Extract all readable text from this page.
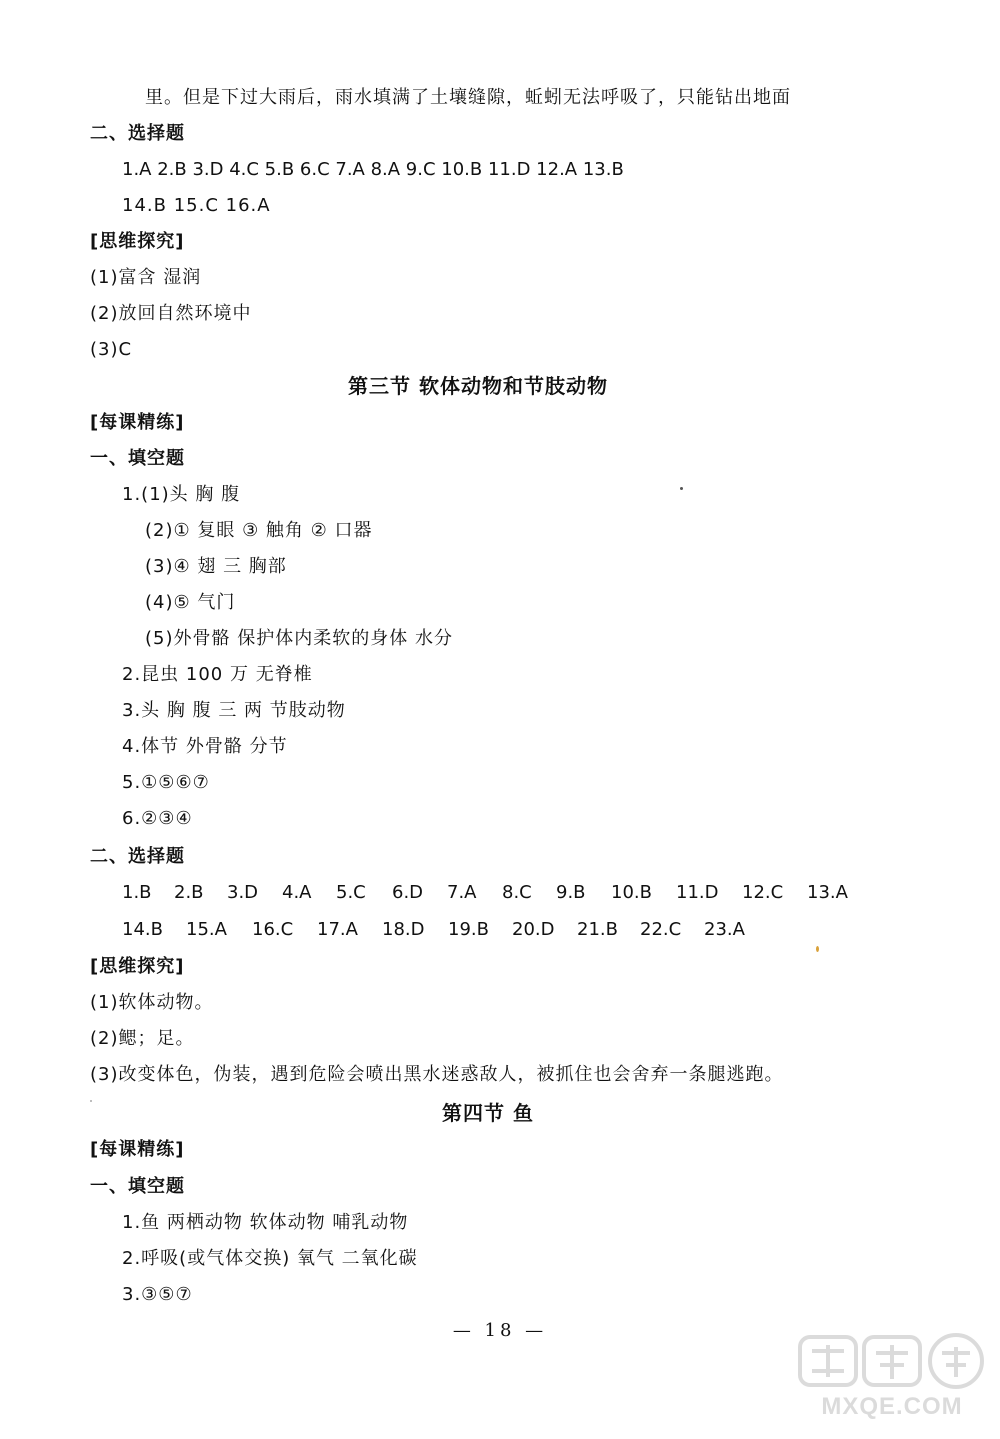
里。但是下过大雨后，雨水填满了土壤缝隙，蚯蚓无法呼吸了，只能钻出地面
二、选择题
1.A 2.B 3.D 4.C 5.B 6.C 7.A 8.A 9.C 10.B 11.D 12.A 13.B
14.B 15.C 16.A
[思维探究]
(1)富含 湿润
(2)放回自然环境中
(3)C
第三节 软体动物和节肢动物
[每课精练]
一、填空题
1.(1)头 胸 腹
(2)① 复眼 ③ 触角 ② 口器
(3)④ 翅 三 胸部
(4)⑤ 气门
(5)外骨骼 保护体内柔软的身体 水分
2.昆虫 100 万 无脊椎
3.头 胸 腹 三 两 节肢动物
4.体节 外骨骼 分节
5.①⑤⑥⑦
6.②③④
二、选择题
1.B 2.B 3.D 4.A 5.C 6.D 7.A 8.C 9.B 10.B 11.D 12.C 13.A
14.B 15.A 16.C 17.A 18.D 19.B 20.D 21.B 22.C 23.A
[思维探究]
(1)软体动物。
(2)鳃；足。
(3)改变体色，伪装，遇到危险会喷出黑水迷惑敌人，被抓住也会舍弃一条腿逃跑。
第四节 鱼
[每课精练]
一、填空题
1.鱼 两栖动物 软体动物 哺乳动物
2.呼吸(或气体交换) 氧气 二氧化碳
3.③⑤⑦
— 18 —
MXQE.COM
